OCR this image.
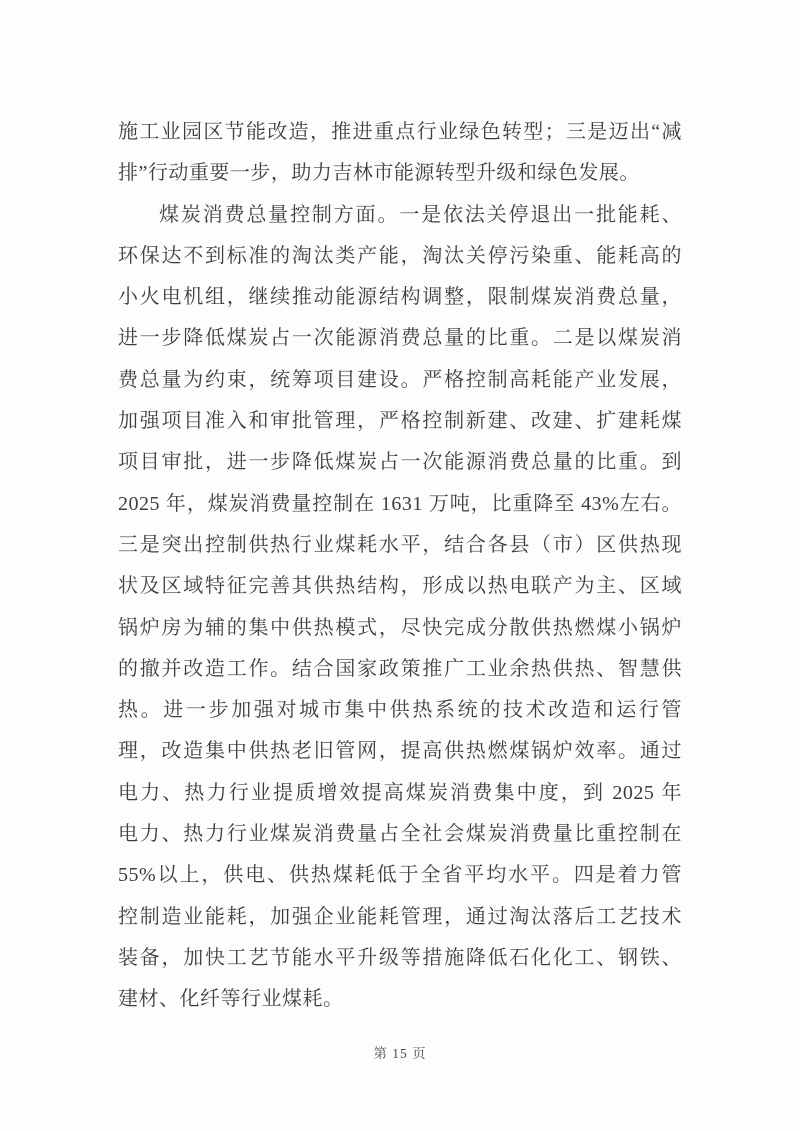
施工业园区节能改造，推进重点行业绿色转型；三是迈出“减
排”行动重要一步，助力吉林市能源转型升级和绿色发展。
煤炭消费总量控制方面。一是依法关停退出一批能耗、
环保达不到标准的淘汰类产能，淘汰关停污染重、能耗高的
小火电机组，继续推动能源结构调整，限制煤炭消费总量，
进一步降低煤炭占一次能源消费总量的比重。二是以煤炭消
费总量为约束，统筹项目建设。严格控制高耗能产业发展，
加强项目准入和审批管理，严格控制新建、改建、扩建耗煤
项目审批，进一步降低煤炭占一次能源消费总量的比重。到
2025 年，煤炭消费量控制在 1631 万吨，比重降至 43%左右。
三是突出控制供热行业煤耗水平，结合各县（市）区供热现
状及区域特征完善其供热结构，形成以热电联产为主、区域
锅炉房为辅的集中供热模式，尽快完成分散供热燃煤小锅炉
的撤并改造工作。结合国家政策推广工业余热供热、智慧供
热。进一步加强对城市集中供热系统的技术改造和运行管
理，改造集中供热老旧管网，提高供热燃煤锅炉效率。通过
电力、热力行业提质增效提高煤炭消费集中度，到 2025 年
电力、热力行业煤炭消费量占全社会煤炭消费量比重控制在
55%以上，供电、供热煤耗低于全省平均水平。四是着力管
控制造业能耗，加强企业能耗管理，通过淘汰落后工艺技术
装备，加快工艺节能水平升级等措施降低石化化工、钢铁、
建材、化纤等行业煤耗。
第 15 页
